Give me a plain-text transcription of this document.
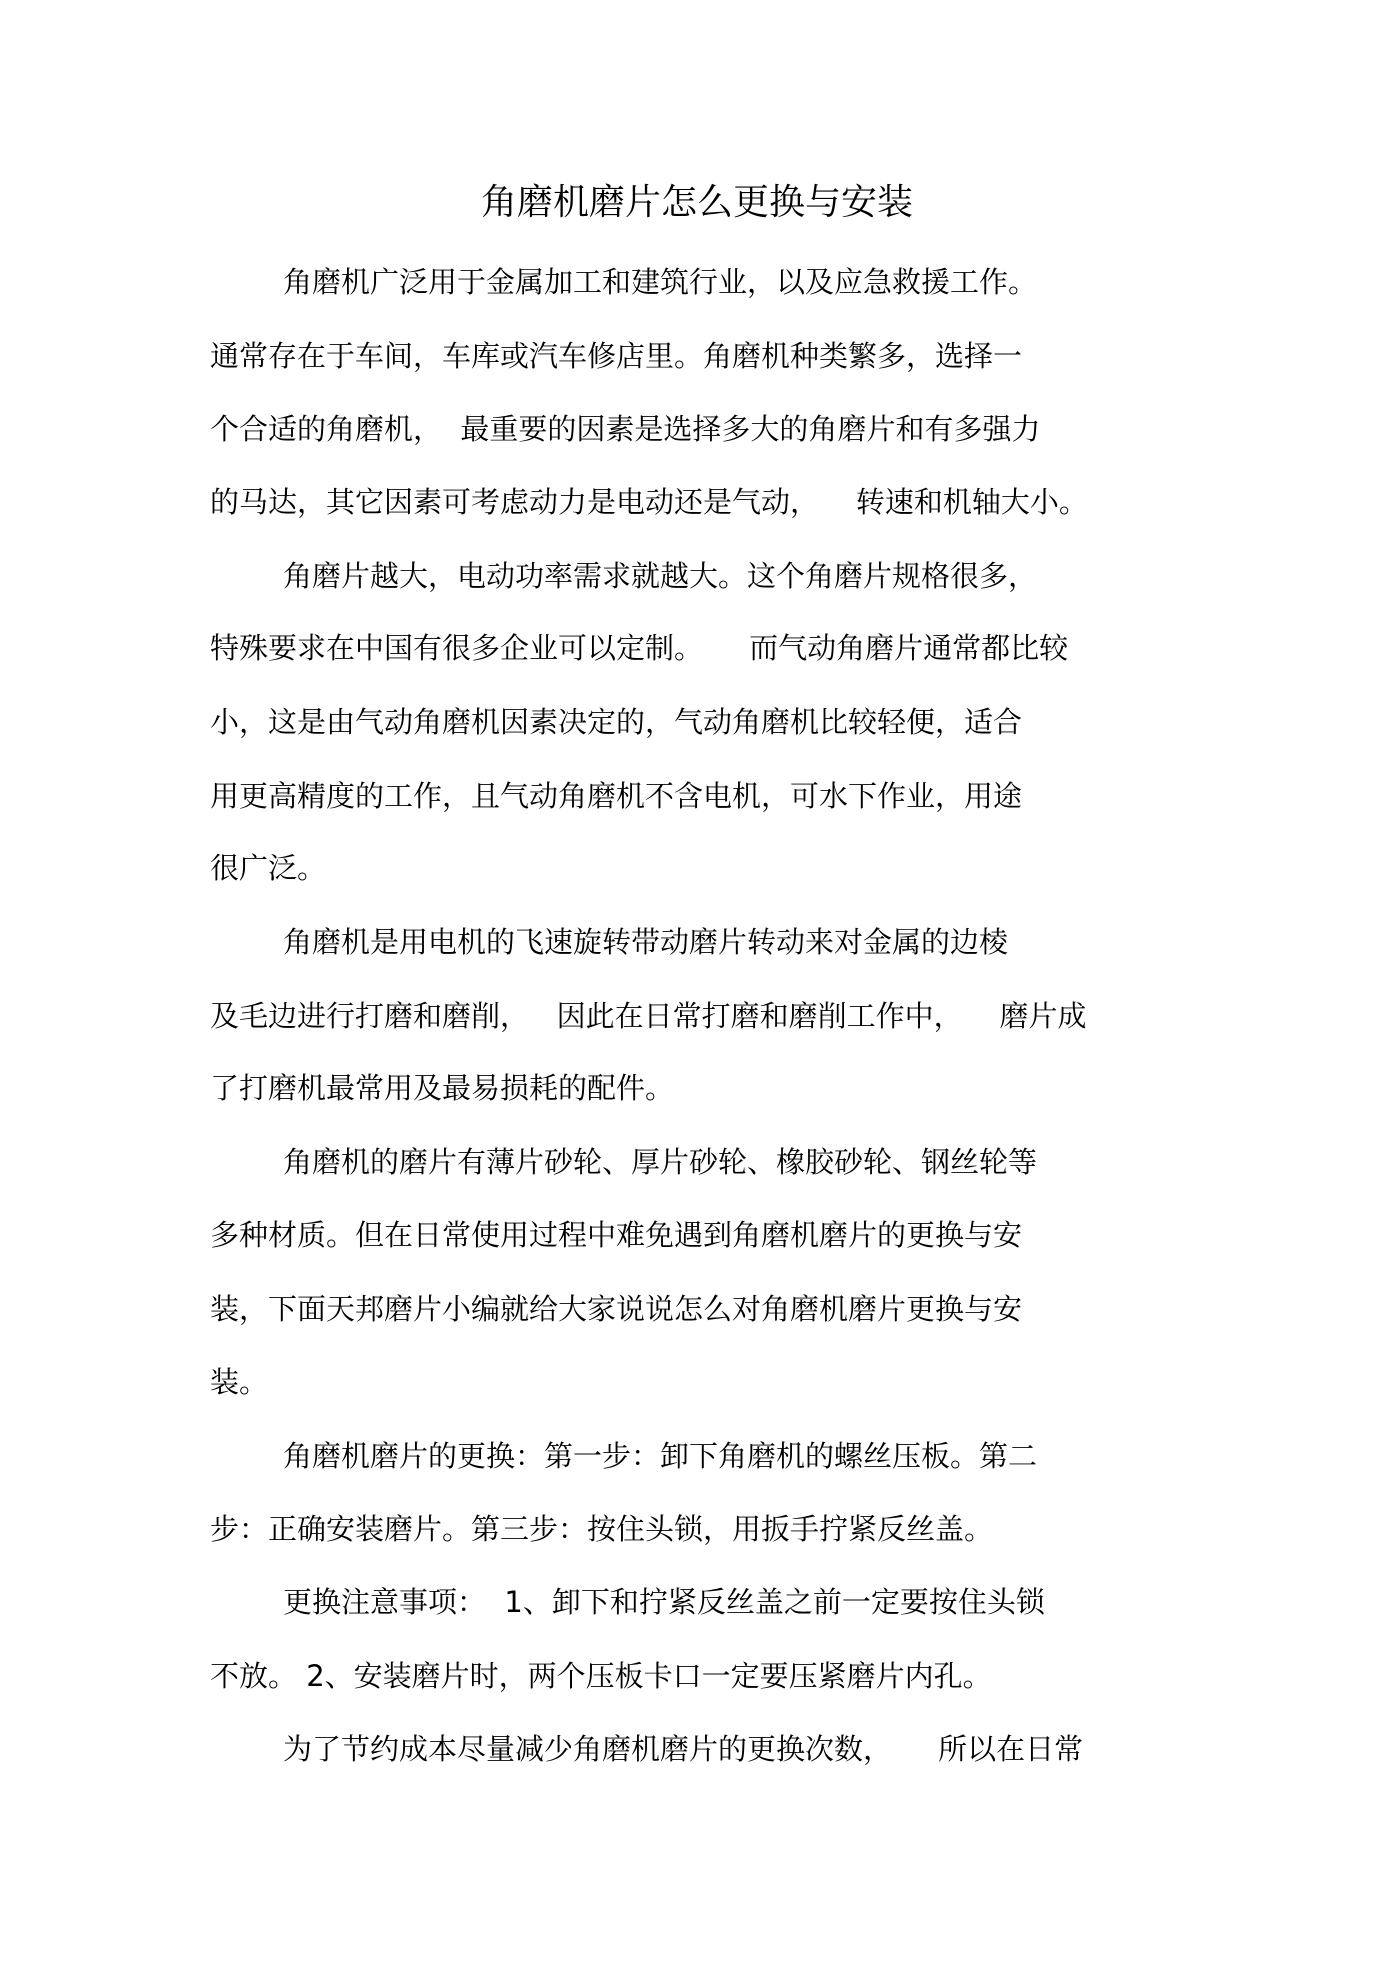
角磨机磨片怎么更换与安装
角磨机广泛用于金属加工和建筑行业，以及应急救援工作。
通常存在于车间，车库或汽车修店里。角磨机种类繁多，选择一
个合适的角磨机，  最重要的因素是选择多大的角磨片和有多强力
的马达，其它因素可考虑动力是电动还是气动，    转速和机轴大小。
角磨片越大，电动功率需求就越大。这个角磨片规格很多，
特殊要求在中国有很多企业可以定制。     而气动角磨片通常都比较
小，这是由气动角磨机因素决定的，气动角磨机比较轻便，适合
用更高精度的工作，且气动角磨机不含电机，可水下作业，用途
很广泛。
角磨机是用电机的飞速旋转带动磨片转动来对金属的边棱
及毛边进行打磨和磨削，   因此在日常打磨和磨削工作中，    磨片成
了打磨机最常用及最易损耗的配件。
角磨机的磨片有薄片砂轮、厚片砂轮、橡胶砂轮、钢丝轮等
多种材质。但在日常使用过程中难免遇到角磨机磨片的更换与安
装，下面天邦磨片小编就给大家说说怎么对角磨机磨片更换与安
装。
角磨机磨片的更换：第一步：卸下角磨机的螺丝压板。第二
步：正确安装磨片。第三步：按住头锁，用扳手拧紧反丝盖。
更换注意事项：  1、卸下和拧紧反丝盖之前一定要按住头锁
不放。 2、安装磨片时，两个压板卡口一定要压紧磨片内孔。
为了节约成本尽量减少角磨机磨片的更换次数，     所以在日常
